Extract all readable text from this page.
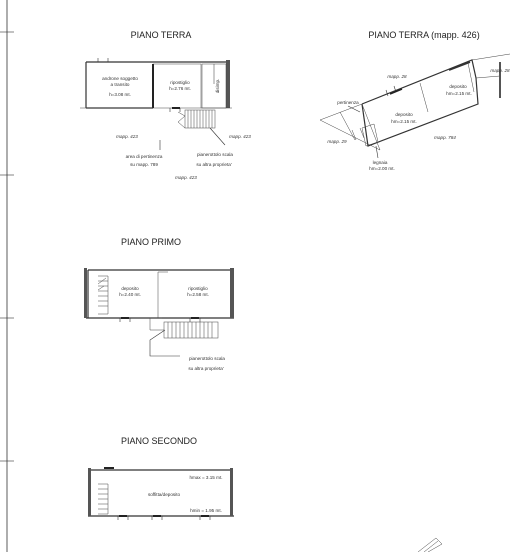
PIANO TERRA
androne soggetto
a transito
h=3.08 mt.
ripostiglio
h=2.76 mt.	disimp.
mapp. 423	mapp. 423
area di pertinenza
su mapp. 789
pianerottolo scala
su altra proprieta'
mapp. 423
PIANO TERRA (mapp. 426)
mapp. 28
mapp. 28
pertinenza
deposito
hm=2.15 mt.
deposito
hm=2.15 mt.
mapp. 784
mapp. 29
legnaia
hm=2.00 mt.
PIANO PRIMO
deposito
h=2.40 mt.
ripostiglio
h=2.58 mt.
pianerottolo scala
su altra proprieta'
PIANO SECONDO
hmax = 3.15 mt.
soffitta/deposito
hmin = 1.95 mt.
